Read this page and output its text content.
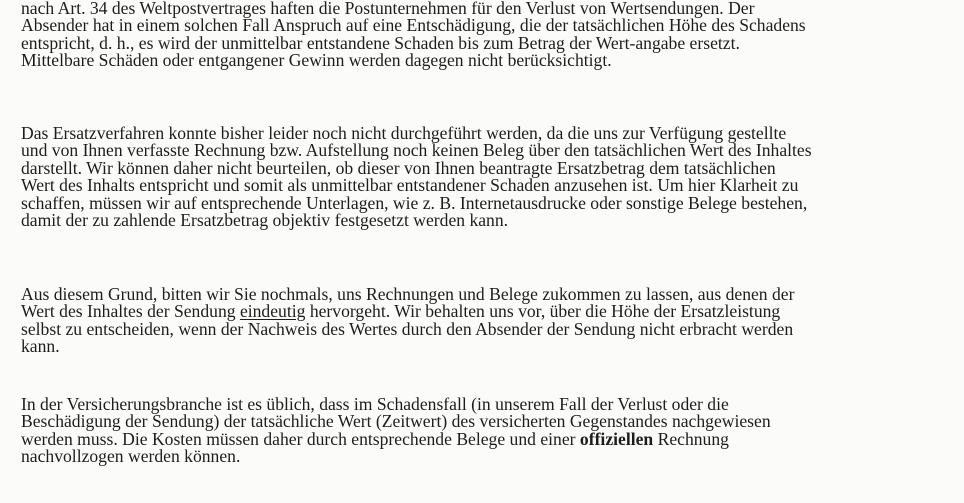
nach Art. 34 des Weltpostvertrages haften die Postunternehmen für den Verlust von Wertsendungen. Der
Absender hat in einem solchen Fall Anspruch auf eine Entschädigung, die der tatsächlichen Höhe des Schadens
entspricht, d. h., es wird der unmittelbar entstandene Schaden bis zum Betrag der Wert-angabe ersetzt.
Mittelbare Schäden oder entgangener Gewinn werden dagegen nicht berücksichtigt.
Das Ersatzverfahren konnte bisher leider noch nicht durchgeführt werden, da die uns zur Verfügung gestellte
und von Ihnen verfasste Rechnung bzw. Aufstellung noch keinen Beleg über den tatsächlichen Wert des Inhaltes
darstellt. Wir können daher nicht beurteilen, ob dieser von Ihnen beantragte Ersatzbetrag dem tatsächlichen
Wert des Inhalts entspricht und somit als unmittelbar entstandener Schaden anzusehen ist. Um hier Klarheit zu
schaffen, müssen wir auf entsprechende Unterlagen, wie z. B. Internetausdrucke oder sonstige Belege bestehen,
damit der zu zahlende Ersatzbetrag objektiv festgesetzt werden kann.
Aus diesem Grund, bitten wir Sie nochmals, uns Rechnungen und Belege zukommen zu lassen, aus denen der
Wert des Inhaltes der Sendung eindeutig hervorgeht. Wir behalten uns vor, über die Höhe der Ersatzleistung
selbst zu entscheiden, wenn der Nachweis des Wertes durch den Absender der Sendung nicht erbracht werden
kann.
In der Versicherungsbranche ist es üblich, dass im Schadensfall (in unserem Fall der Verlust oder die
Beschädigung der Sendung) der tatsächliche Wert (Zeitwert) des versicherten Gegenstandes nachgewiesen
werden muss. Die Kosten müssen daher durch entsprechende Belege und einer offiziellen Rechnung
nachvollzogen werden können.
